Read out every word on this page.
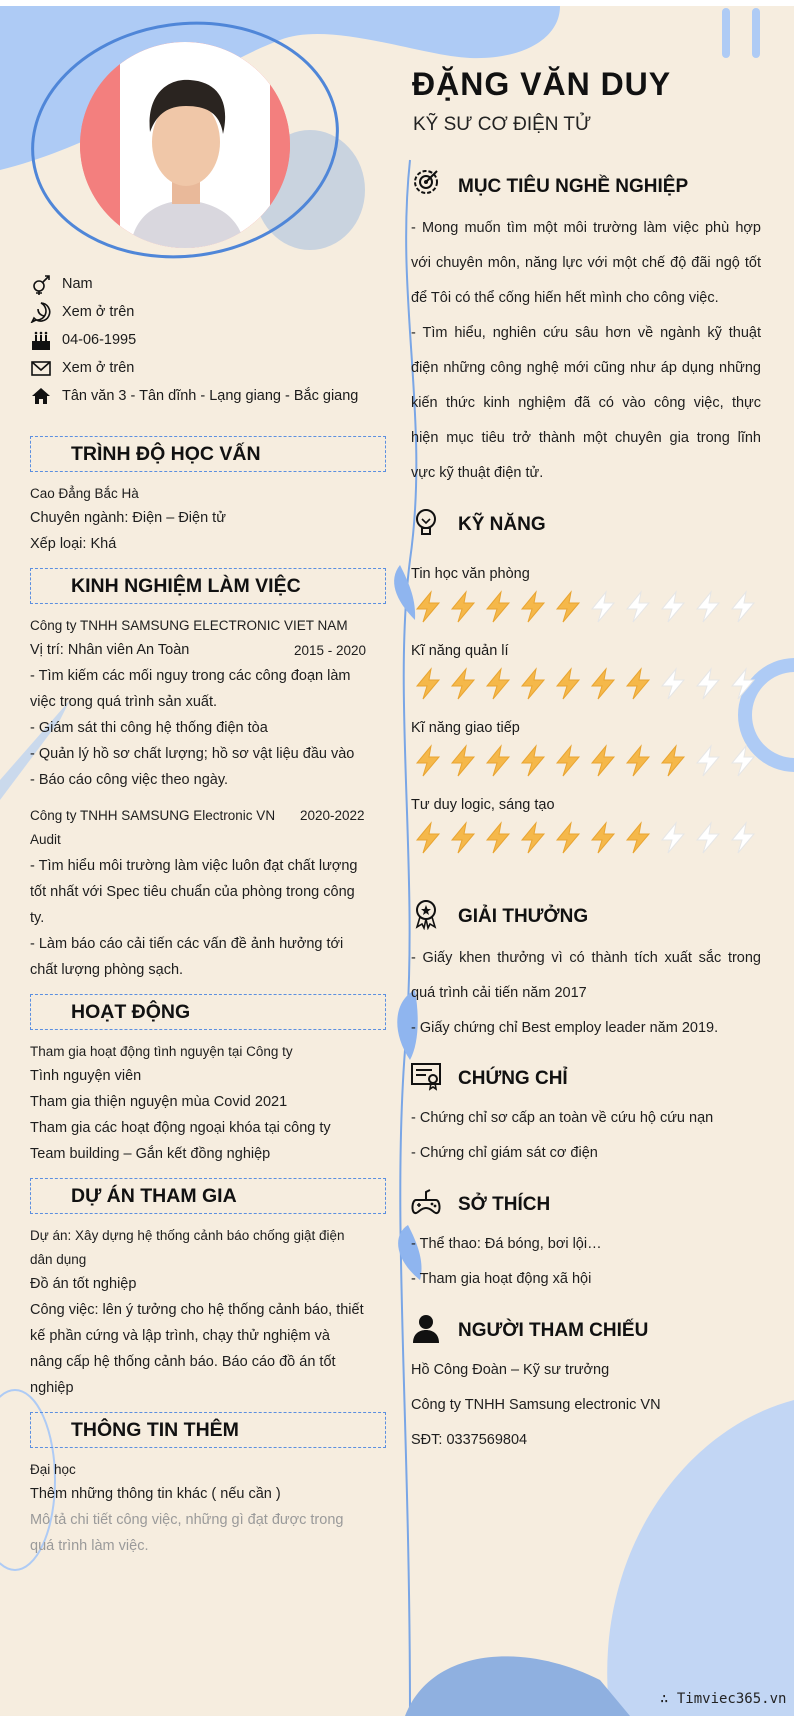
ĐẶNG VĂN DUY
KỸ SƯ CƠ ĐIỆN TỬ
Nam
Xem ở trên
04-06-1995
Xem ở trên
Tân văn 3 - Tân dĩnh - Lạng giang - Bắc giang
TRÌNH ĐỘ HỌC VẤN
Cao Đẳng Bắc Hà
Chuyên ngành: Điện – Điện tử
Xếp loại: Khá
KINH NGHIỆM LÀM VIỆC
Công ty TNHH SAMSUNG ELECTRONIC VIET NAM
Vị trí: Nhân viên An Toàn	2015 - 2020
- Tìm kiếm các mối nguy trong các công đoạn làm
việc trong quá trình sản xuất.
- Giám sát thi công hệ thống điện tòa
- Quản lý hồ sơ chất lượng; hồ sơ vật liệu đầu vào
- Báo cáo công việc theo ngày.
Công ty TNHH SAMSUNG Electronic VN 2020-2022
Audit
- Tìm hiểu môi trường làm việc luôn đạt chất lượng
tốt nhất với Spec tiêu chuẩn của phòng trong công
ty.
- Làm báo cáo cải tiến các vấn đề ảnh hưởng tới
chất lượng phòng sạch.
HOẠT ĐỘNG
Tham gia hoạt động tình nguyện tại Công ty
Tình nguyện viên
Tham gia thiện nguyện mùa Covid 2021
Tham gia các hoạt động ngoại khóa tại công ty
Team building – Gắn kết đồng nghiệp
DỰ ÁN THAM GIA
Dự án: Xây dựng hệ thống cảnh báo chống giật điện
dân dụng
Đồ án tốt nghiệp
Công việc: lên ý tưởng cho hệ thống cảnh báo, thiết
kế phần cứng và lập trình, chạy thử nghiệm và
nâng cấp hệ thống cảnh báo. Báo cáo đồ án tốt
nghiệp
THÔNG TIN THÊM
Đại học
Thêm những thông tin khác ( nếu cần )
Mô tả chi tiết công việc, những gì đạt được trong
quá trình làm việc.
MỤC TIÊU NGHỀ NGHIỆP
- Mong muốn tìm một môi trường làm việc phù hợp
với chuyên môn, năng lực với một chế độ đãi ngộ tốt
để Tôi có thể cống hiến hết mình cho công việc.
- Tìm hiểu, nghiên cứu sâu hơn về ngành kỹ thuật
điện những công nghệ mới cũng như áp dụng những
kiến thức kinh nghiệm đã có vào công việc, thực
hiện mục tiêu trở thành một chuyên gia trong lĩnh
vực kỹ thuật điện tử.
KỸ NĂNG
Tin học văn phòng
Kĩ năng quản lí
Kĩ năng giao tiếp
Tư duy logic, sáng tạo
GIẢI THƯỞNG
- Giấy khen thưởng vì có thành tích xuất sắc trong
quá trình cải tiến năm 2017
- Giấy chứng chỉ Best employ leader năm 2019.
CHỨNG CHỈ
- Chứng chỉ sơ cấp an toàn về cứu hộ cứu nạn
- Chứng chỉ giám sát cơ điện
SỞ THÍCH
- Thể thao: Đá bóng, bơi lội…
- Tham gia hoạt động xã hội
NGƯỜI THAM CHIẾU
Hồ Công Đoàn – Kỹ sư trưởng
Công ty TNHH Samsung electronic VN
SĐT: 0337569804
∴ Timviec365.vn
